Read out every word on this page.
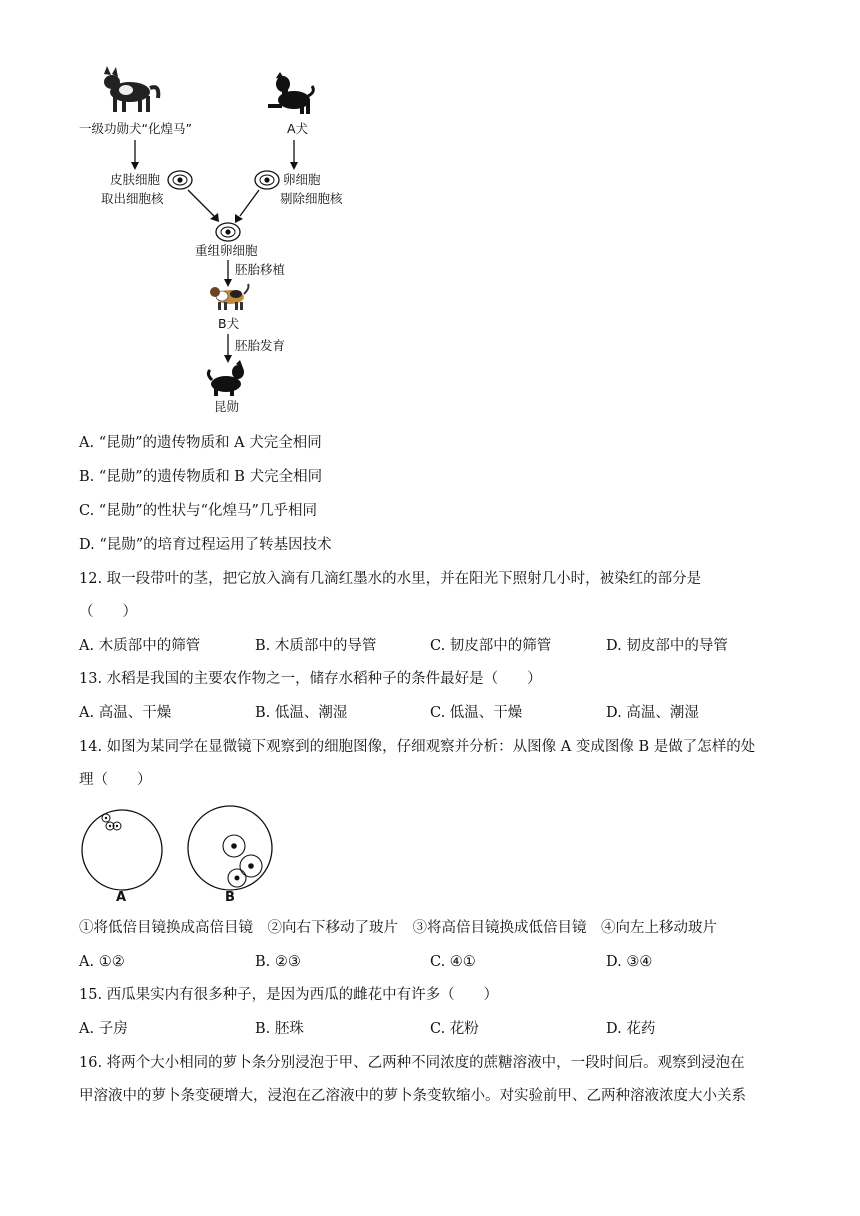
一级功勋犬“化煌马”	A犬
皮肤细胞
取出细胞核
卵细胞
剔除细胞核
重组卵细胞
胚胎移植
B犬
胚胎发育
昆勋
A. “昆勋”的遗传物质和 A 犬完全相同
B. “昆勋”的遗传物质和 B 犬完全相同
C. “昆勋”的性状与“化煌马”几乎相同
D. “昆勋”的培育过程运用了转基因技术
12. 取一段带叶的茎，把它放入滴有几滴红墨水的水里，并在阳光下照射几小时，被染红的部分是
（　　）
A. 木质部中的筛管	B. 木质部中的导管	C. 韧皮部中的筛管	D. 韧皮部中的导管
13. 水稻是我国的主要农作物之一，储存水稻种子的条件最好是（　　）
A. 高温、干燥	B. 低温、潮湿	C. 低温、干燥	D. 高温、潮湿
14. 如图为某同学在显微镜下观察到的细胞图像，仔细观察并分析：从图像 A 变成图像 B 是做了怎样的处
理（　　）
A	B
①将低倍目镜换成高倍目镜　②向右下移动了玻片　③将高倍目镜换成低倍目镜　④向左上移动玻片
A. ①②	B. ②③	C. ④①	D. ③④
15. 西瓜果实内有很多种子，是因为西瓜的雌花中有许多（　　）
A. 子房	B. 胚珠	C. 花粉	D. 花药
16. 将两个大小相同的萝卜条分别浸泡于甲、乙两种不同浓度的蔗糖溶液中，一段时间后。观察到浸泡在
甲溶液中的萝卜条变硬增大，浸泡在乙溶液中的萝卜条变软缩小。对实验前甲、乙两种溶液浓度大小关系
